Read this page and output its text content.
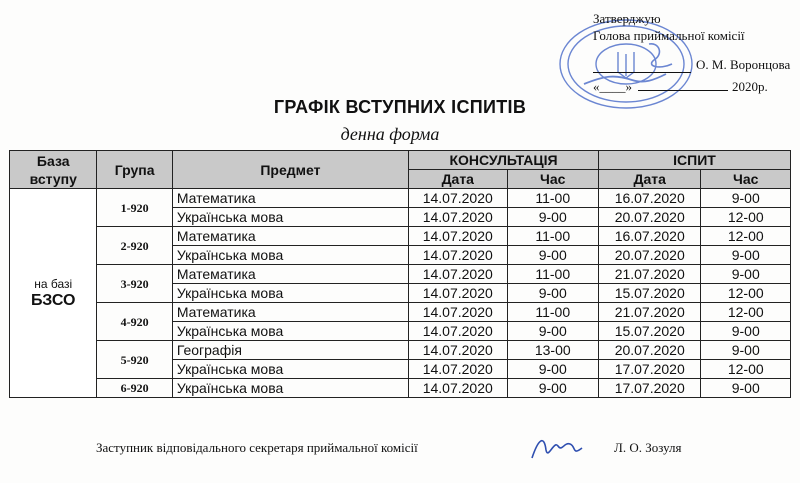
Затверджую
Голова приймальної комісії
О. М. Воронцова
«____»	2020р.
ГРАФІК ВСТУПНИХ ІСПИТІВ
денна форма
База вступу	Група	Предмет	КОНСУЛЬТАЦІЯ		ІСПИТ	
			Дата	Час	Дата	Час

на базі
БЗСО	1-920	Математика	14.07.2020	11-00	16.07.2020	9-00
		Українська мова	14.07.2020	9-00	20.07.2020	12-00
	2-920	Математика	14.07.2020	11-00	16.07.2020	12-00
		Українська мова	14.07.2020	9-00	20.07.2020	9-00
	3-920	Математика	14.07.2020	11-00	21.07.2020	9-00
		Українська мова	14.07.2020	9-00	15.07.2020	12-00
	4-920	Математика	14.07.2020	11-00	21.07.2020	12-00
		Українська мова	14.07.2020	9-00	15.07.2020	9-00
	5-920	Географія	14.07.2020	13-00	20.07.2020	9-00
		Українська мова	14.07.2020	9-00	17.07.2020	12-00
	6-920	Українська мова	14.07.2020	9-00	17.07.2020	9-00
Заступник відповідального секретаря приймальної комісії	Л. О. Зозуля
